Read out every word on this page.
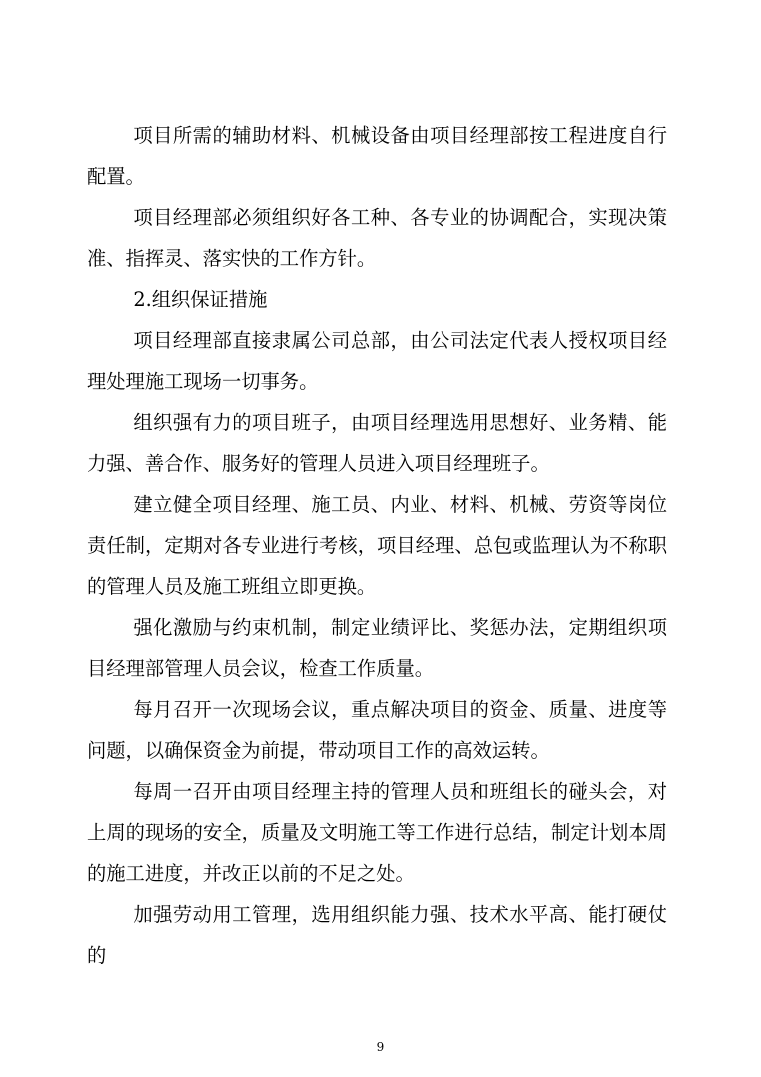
项目所需的辅助材料、机械设备由项目经理部按工程进度自行配置。

项目经理部必须组织好各工种、各专业的协调配合，实现决策准、指挥灵、落实快的工作方针。

2.组织保证措施

项目经理部直接隶属公司总部，由公司法定代表人授权项目经理处理施工现场一切事务。

组织强有力的项目班子，由项目经理选用思想好、业务精、能力强、善合作、服务好的管理人员进入项目经理班子。

建立健全项目经理、施工员、内业、材料、机械、劳资等岗位责任制，定期对各专业进行考核，项目经理、总包或监理认为不称职的管理人员及施工班组立即更换。

强化激励与约束机制，制定业绩评比、奖惩办法，定期组织项目经理部管理人员会议，检查工作质量。

每月召开一次现场会议，重点解决项目的资金、质量、进度等问题，以确保资金为前提，带动项目工作的高效运转。

每周一召开由项目经理主持的管理人员和班组长的碰头会，对上周的现场的安全，质量及文明施工等工作进行总结，制定计划本周的施工进度，并改正以前的不足之处。

加强劳动用工管理，选用组织能力强、技术水平高、能打硬仗的

9
